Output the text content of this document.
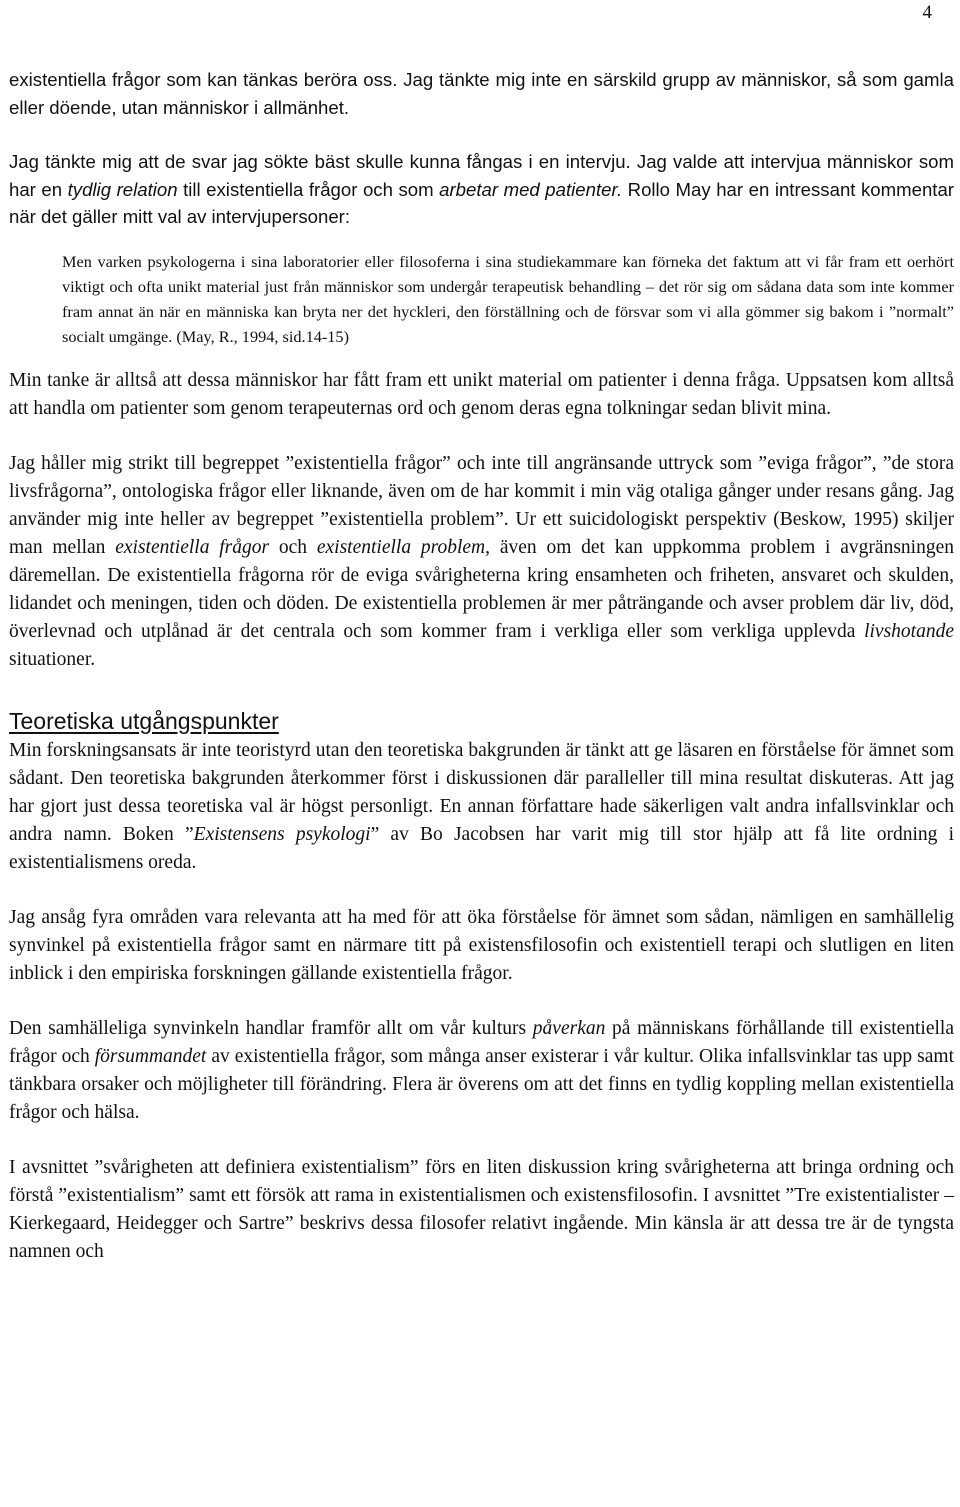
4

existentiella frågor som kan tänkas beröra oss. Jag tänkte mig inte en särskild grupp av människor, så som gamla eller döende, utan människor i allmänhet.

Jag tänkte mig att de svar jag sökte bäst skulle kunna fångas i en intervju. Jag valde att intervjua människor som har en tydlig relation till existentiella frågor och som arbetar med patienter. Rollo May har en intressant kommentar när det gäller mitt val av intervjupersoner:

Men varken psykologerna i sina laboratorier eller filosoferna i sina studiekammare kan förneka det faktum att vi får fram ett oerhört viktigt och ofta unikt material just från människor som undergår terapeutisk behandling – det rör sig om sådana data som inte kommer fram annat än när en människa kan bryta ner det hyckleri, den förställning och de försvar som vi alla gömmer sig bakom i ”normalt” socialt umgänge. (May, R., 1994, sid.14-15)

Min tanke är alltså att dessa människor har fått fram ett unikt material om patienter i denna fråga. Uppsatsen kom alltså att handla om patienter som genom terapeuternas ord och genom deras egna tolkningar sedan blivit mina.

Jag håller mig strikt till begreppet ”existentiella frågor” och inte till angränsande uttryck som ”eviga frågor”, ”de stora livsfrågorna”, ontologiska frågor eller liknande, även om de har kommit i min väg otaliga gånger under resans gång. Jag använder mig inte heller av begreppet ”existentiella problem”. Ur ett suicidologiskt perspektiv (Beskow, 1995) skiljer man mellan existentiella frågor och existentiella problem, även om det kan uppkomma problem i avgränsningen däremellan. De existentiella frågorna rör de eviga svårigheterna kring ensamheten och friheten, ansvaret och skulden, lidandet och meningen, tiden och döden. De existentiella problemen är mer påträngande och avser problem där liv, död, överlevnad och utplånad är det centrala och som kommer fram i verkliga eller som verkliga upplevda livshotande situationer.

Teoretiska utgångspunkter

Min forskningsansats är inte teoristyrd utan den teoretiska bakgrunden är tänkt att ge läsaren en förståelse för ämnet som sådant. Den teoretiska bakgrunden återkommer först i diskussionen där paralleller till mina resultat diskuteras. Att jag har gjort just dessa teoretiska val är högst personligt. En annan författare hade säkerligen valt andra infallsvinklar och andra namn. Boken ”Existensens psykologi” av Bo Jacobsen har varit mig till stor hjälp att få lite ordning i existentialismens oreda.

Jag ansåg fyra områden vara relevanta att ha med för att öka förståelse för ämnet som sådan, nämligen en samhällelig synvinkel på existentiella frågor samt en närmare titt på existensfilosofin och existentiell terapi och slutligen en liten inblick i den empiriska forskningen gällande existentiella frågor.

Den samhälleliga synvinkeln handlar framför allt om vår kulturs påverkan på människans förhållande till existentiella frågor och försummandet av existentiella frågor, som många anser existerar i vår kultur. Olika infallsvinklar tas upp samt tänkbara orsaker och möjligheter till förändring. Flera är överens om att det finns en tydlig koppling mellan existentiella frågor och hälsa.

I avsnittet ”svårigheten att definiera existentialism” förs en liten diskussion kring svårigheterna att bringa ordning och förstå ”existentialism” samt ett försök att rama in existentialismen och existensfilosofin. I avsnittet ”Tre existentialister –Kierkegaard, Heidegger och Sartre” beskrivs dessa filosofer relativt ingående. Min känsla är att dessa tre är de tyngsta namnen och
